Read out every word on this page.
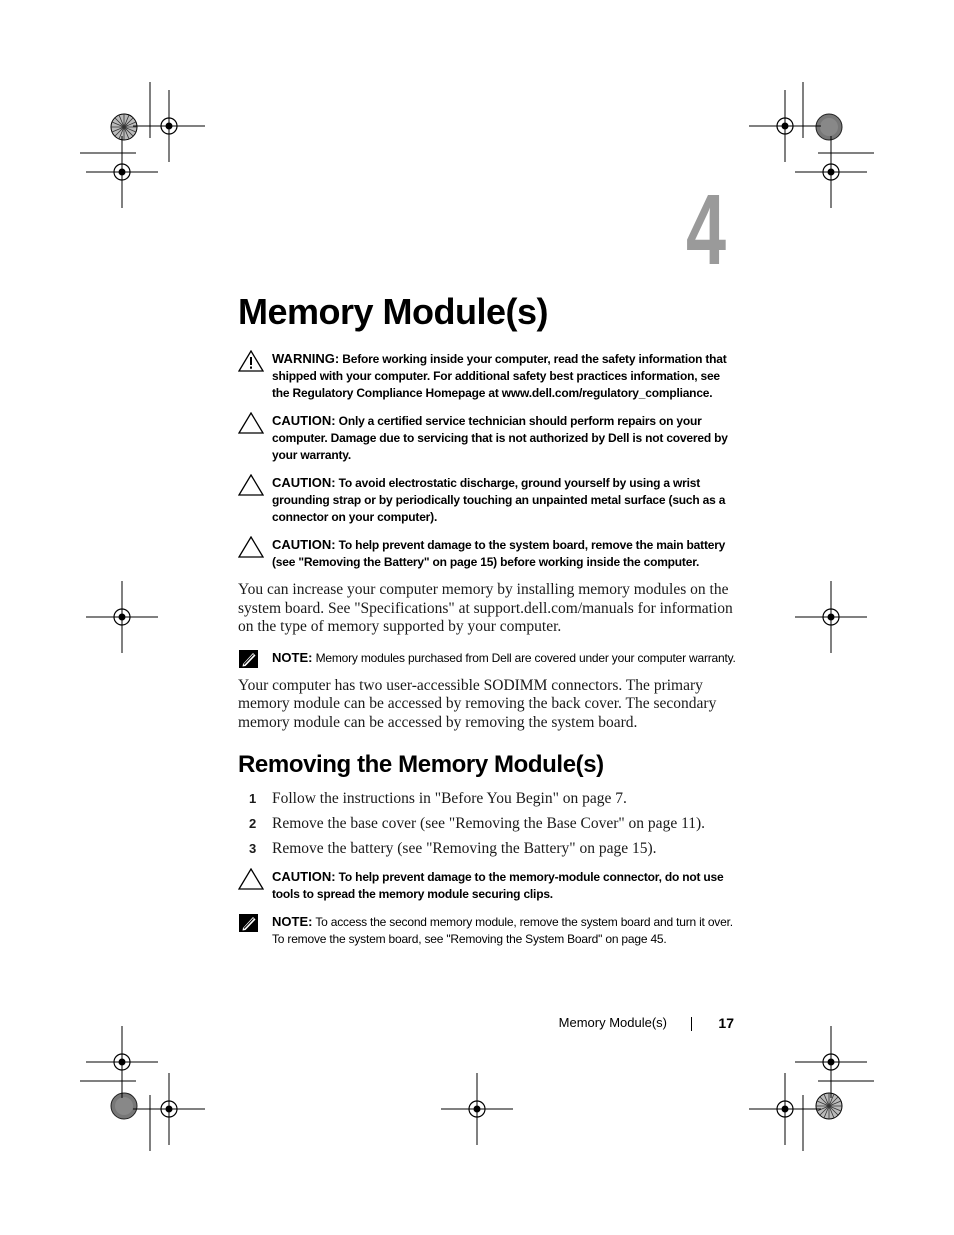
4
Memory Module(s)
WARNING: Before working inside your computer, read the safety information that shipped with your computer. For additional safety best practices information, see the Regulatory Compliance Homepage at www.dell.com/regulatory_compliance.
CAUTION: Only a certified service technician should perform repairs on your computer. Damage due to servicing that is not authorized by Dell is not covered by your warranty.
CAUTION: To avoid electrostatic discharge, ground yourself by using a wrist grounding strap or by periodically touching an unpainted metal surface (such as a connector on your computer).
CAUTION: To help prevent damage to the system board, remove the main battery (see "Removing the Battery" on page 15) before working inside the computer.

You can increase your computer memory by installing memory modules on the system board. See "Specifications" at support.dell.com/manuals for information on the type of memory supported by your computer.

NOTE: Memory modules purchased from Dell are covered under your computer warranty.

Your computer has two user-accessible SODIMM connectors. The primary memory module can be accessed by removing the back cover. The secondary memory module can be accessed by removing the system board.

Removing the Memory Module(s)
1 Follow the instructions in "Before You Begin" on page 7.
2 Remove the base cover (see "Removing the Base Cover" on page 11).
3 Remove the battery (see "Removing the Battery" on page 15).
CAUTION: To help prevent damage to the memory-module connector, do not use tools to spread the memory module securing clips.
NOTE: To access the second memory module, remove the system board and turn it over. To remove the system board, see "Removing the System Board" on page 45.
Memory Module(s)	17
